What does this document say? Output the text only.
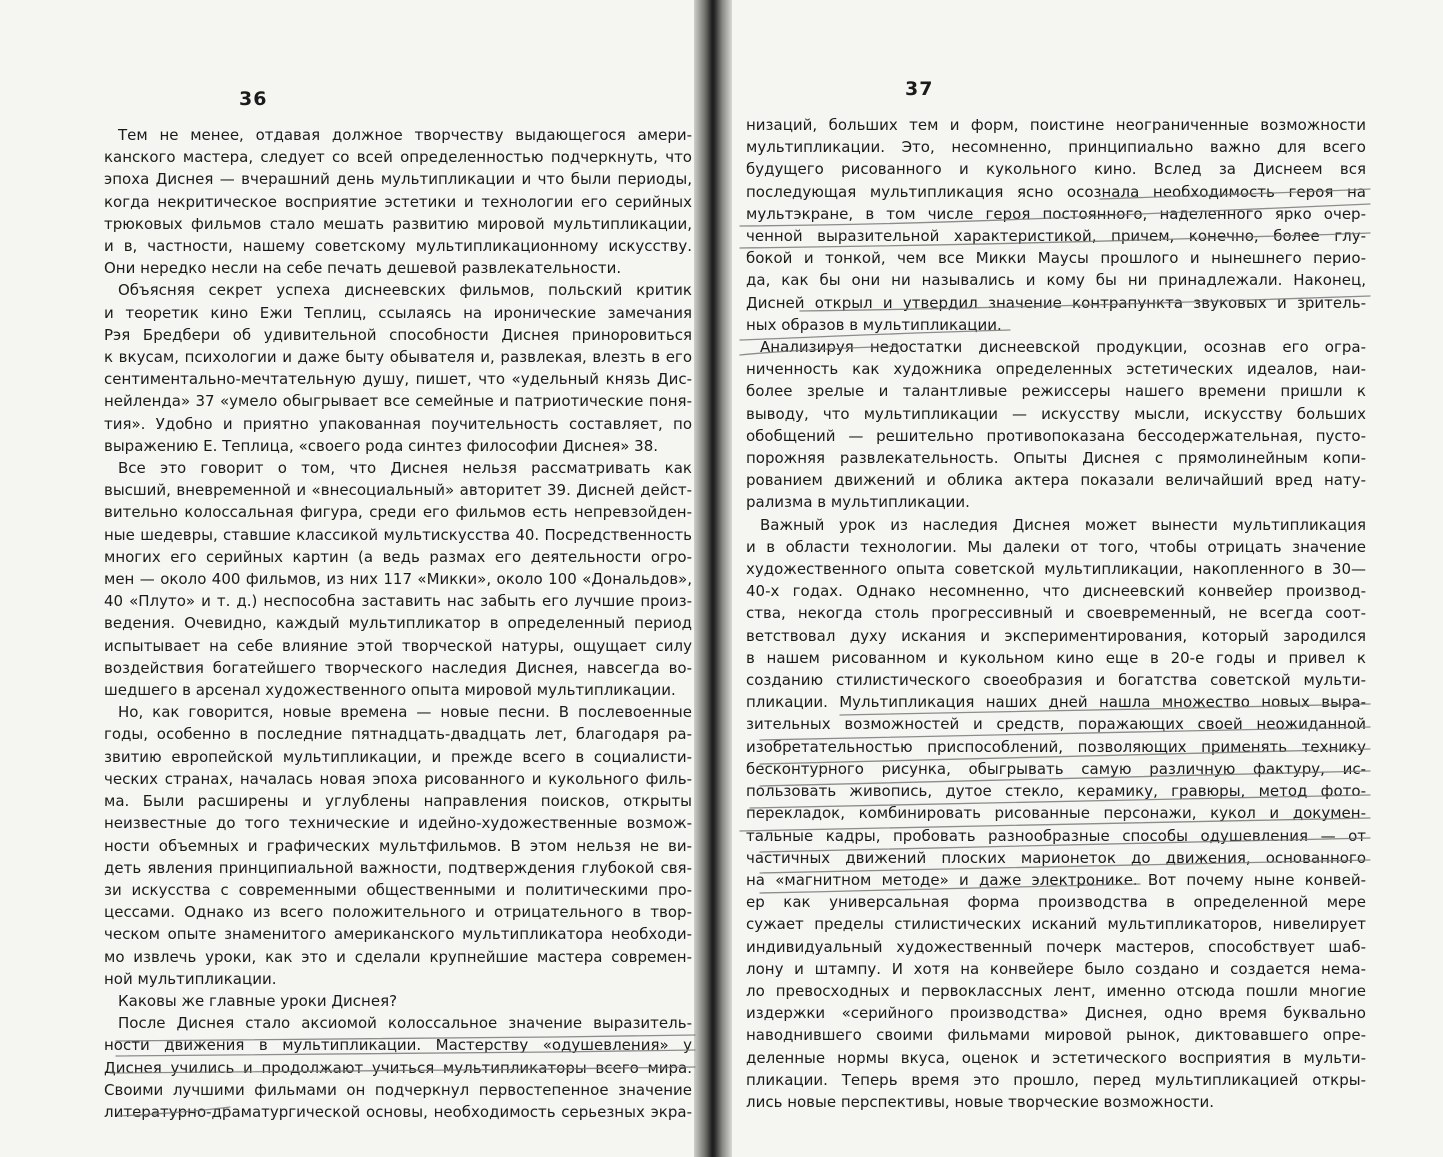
36
Тем не менее, отдавая должное творчеству выдающегося амери-
канского мастера, следует со всей определенностью подчеркнуть, что
эпоха Диснея — вчерашний день мультипликации и что были периоды,
когда некритическое восприятие эстетики и технологии его серийных
трюковых фильмов стало мешать развитию мировой мультипликации,
и в, частности, нашему советскому мультипликационному искусству.
Они нередко несли на себе печать дешевой развлекательности.
Объясняя секрет успеха диснеевских фильмов, польский критик
и теоретик кино Ежи Теплиц, ссылаясь на иронические замечания
Рэя Бредбери об удивительной способности Диснея приноровиться
к вкусам, психологии и даже быту обывателя и, развлекая, влезть в его
сентиментально-мечтательную душу, пишет, что «удельный князь Дис-
нейленда» 37 «умело обыгрывает все семейные и патриотические поня-
тия». Удобно и приятно упакованная поучительность составляет, по
выражению Е. Теплица, «своего рода синтез философии Диснея» 38.
Все это говорит о том, что Диснея нельзя рассматривать как
высший, вневременной и «внесоциальный» авторитет 39. Дисней дейст-
вительно колоссальная фигура, среди его фильмов есть непревзойден-
ные шедевры, ставшие классикой мультискусства 40. Посредственность
многих его серийных картин (а ведь размах его деятельности огро-
мен — около 400 фильмов, из них 117 «Микки», около 100 «Дональдов»,
40 «Плуто» и т. д.) неспособна заставить нас забыть его лучшие произ-
ведения. Очевидно, каждый мультипликатор в определенный период
испытывает на себе влияние этой творческой натуры, ощущает силу
воздействия богатейшего творческого наследия Диснея, навсегда во-
шедшего в арсенал художественного опыта мировой мультипликации.
Но, как говорится, новые времена — новые песни. В послевоенные
годы, особенно в последние пятнадцать-двадцать лет, благодаря ра-
звитию европейской мультипликации, и прежде всего в социалисти-
ческих странах, началась новая эпоха рисованного и кукольного филь-
ма. Были расширены и углублены направления поисков, открыты
неизвестные до того технические и идейно-художественные возмож-
ности объемных и графических мультфильмов. В этом нельзя не ви-
деть явления принципиальной важности, подтверждения глубокой свя-
зи искусства с современными общественными и политическими про-
цессами. Однако из всего положительного и отрицательного в твор-
ческом опыте знаменитого американского мультипликатора необходи-
мо извлечь уроки, как это и сделали крупнейшие мастера современ-
ной мультипликации.
Каковы же главные уроки Диснея?
После Диснея стало аксиомой колоссальное значение выразитель-
ности движения в мультипликации. Мастерству «одушевления» у
Диснея учились и продолжают учиться мультипликаторы всего мира.
Своими лучшими фильмами он подчеркнул первостепенное значение
литературно-драматургической основы, необходимость серьезных экра-
37
низаций, больших тем и форм, поистине неограниченные возможности
мультипликации. Это, несомненно, принципиально важно для всего
будущего рисованного и кукольного кино. Вслед за Диснеем вся
последующая мультипликация ясно осознала необходимость героя на
мультэкране, в том числе героя постоянного, наделенного ярко очер-
ченной выразительной характеристикой, причем, конечно, более глу-
бокой и тонкой, чем все Микки Маусы прошлого и нынешнего перио-
да, как бы они ни назывались и кому бы ни принадлежали. Наконец,
Дисней открыл и утвердил значение контрапункта звуковых и зритель-
ных образов в мультипликации.
Анализируя недостатки диснеевской продукции, осознав его огра-
ниченность как художника определенных эстетических идеалов, наи-
более зрелые и талантливые режиссеры нашего времени пришли к
выводу, что мультипликации — искусству мысли, искусству больших
обобщений — решительно противопоказана бессодержательная, пусто-
порожняя развлекательность. Опыты Диснея с прямолинейным копи-
рованием движений и облика актера показали величайший вред нату-
рализма в мультипликации.
Важный урок из наследия Диснея может вынести мультипликация
и в области технологии. Мы далеки от того, чтобы отрицать значение
художественного опыта советской мультипликации, накопленного в 30—
40-х годах. Однако несомненно, что диснеевский конвейер производ-
ства, некогда столь прогрессивный и своевременный, не всегда соот-
ветствовал духу искания и экспериментирования, который зародился
в нашем рисованном и кукольном кино еще в 20-е годы и привел к
созданию стилистического своеобразия и богатства советской мульти-
пликации. Мультипликация наших дней нашла множество новых выра-
зительных возможностей и средств, поражающих своей неожиданной
изобретательностью приспособлений, позволяющих применять технику
бесконтурного рисунка, обыгрывать самую различную фактуру, ис-
пользовать живопись, дутое стекло, керамику, гравюры, метод фото-
перекладок, комбинировать рисованные персонажи, кукол и докумен-
тальные кадры, пробовать разнообразные способы одушевления — от
частичных движений плоских марионеток до движения, основанного
на «магнитном методе» и даже электронике. Вот почему ныне конвей-
ер как универсальная форма производства в определенной мере
сужает пределы стилистических исканий мультипликаторов, нивелирует
индивидуальный художественный почерк мастеров, способствует шаб-
лону и штампу. И хотя на конвейере было создано и создается нема-
ло превосходных и первоклассных лент, именно отсюда пошли многие
издержки «серийного производства» Диснея, одно время буквально
наводнившего своими фильмами мировой рынок, диктовавшего опре-
деленные нормы вкуса, оценок и эстетического восприятия в мульти-
пликации. Теперь время это прошло, перед мультипликацией откры-
лись новые перспективы, новые творческие возможности.
